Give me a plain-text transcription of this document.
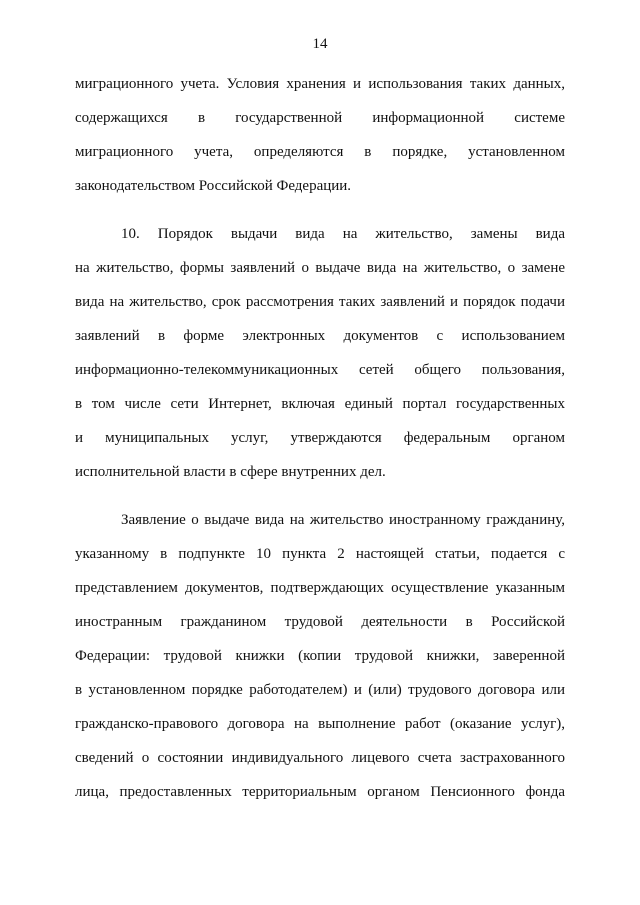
14
миграционного учета. Условия хранения и использования таких данных,
содержащихся в государственной информационной системе
миграционного учета, определяются в порядке, установленном
законодательством Российской Федерации.
10. Порядок выдачи вида на жительство, замены вида
на жительство, формы заявлений о выдаче вида на жительство, о замене
вида на жительство, срок рассмотрения таких заявлений и порядок подачи
заявлений в форме электронных документов с использованием
информационно-телекоммуникационных сетей общего пользования,
в том числе сети Интернет, включая единый портал государственных
и муниципальных услуг, утверждаются федеральным органом
исполнительной власти в сфере внутренних дел.
Заявление о выдаче вида на жительство иностранному гражданину,
указанному в подпункте 10 пункта 2 настоящей статьи, подается с
представлением документов, подтверждающих осуществление указанным
иностранным гражданином трудовой деятельности в Российской
Федерации: трудовой книжки (копии трудовой книжки, заверенной
в установленном порядке работодателем) и (или) трудового договора или
гражданско-правового договора на выполнение работ (оказание услуг),
сведений о состоянии индивидуального лицевого счета застрахованного
лица, предоставленных территориальным органом Пенсионного фонда
